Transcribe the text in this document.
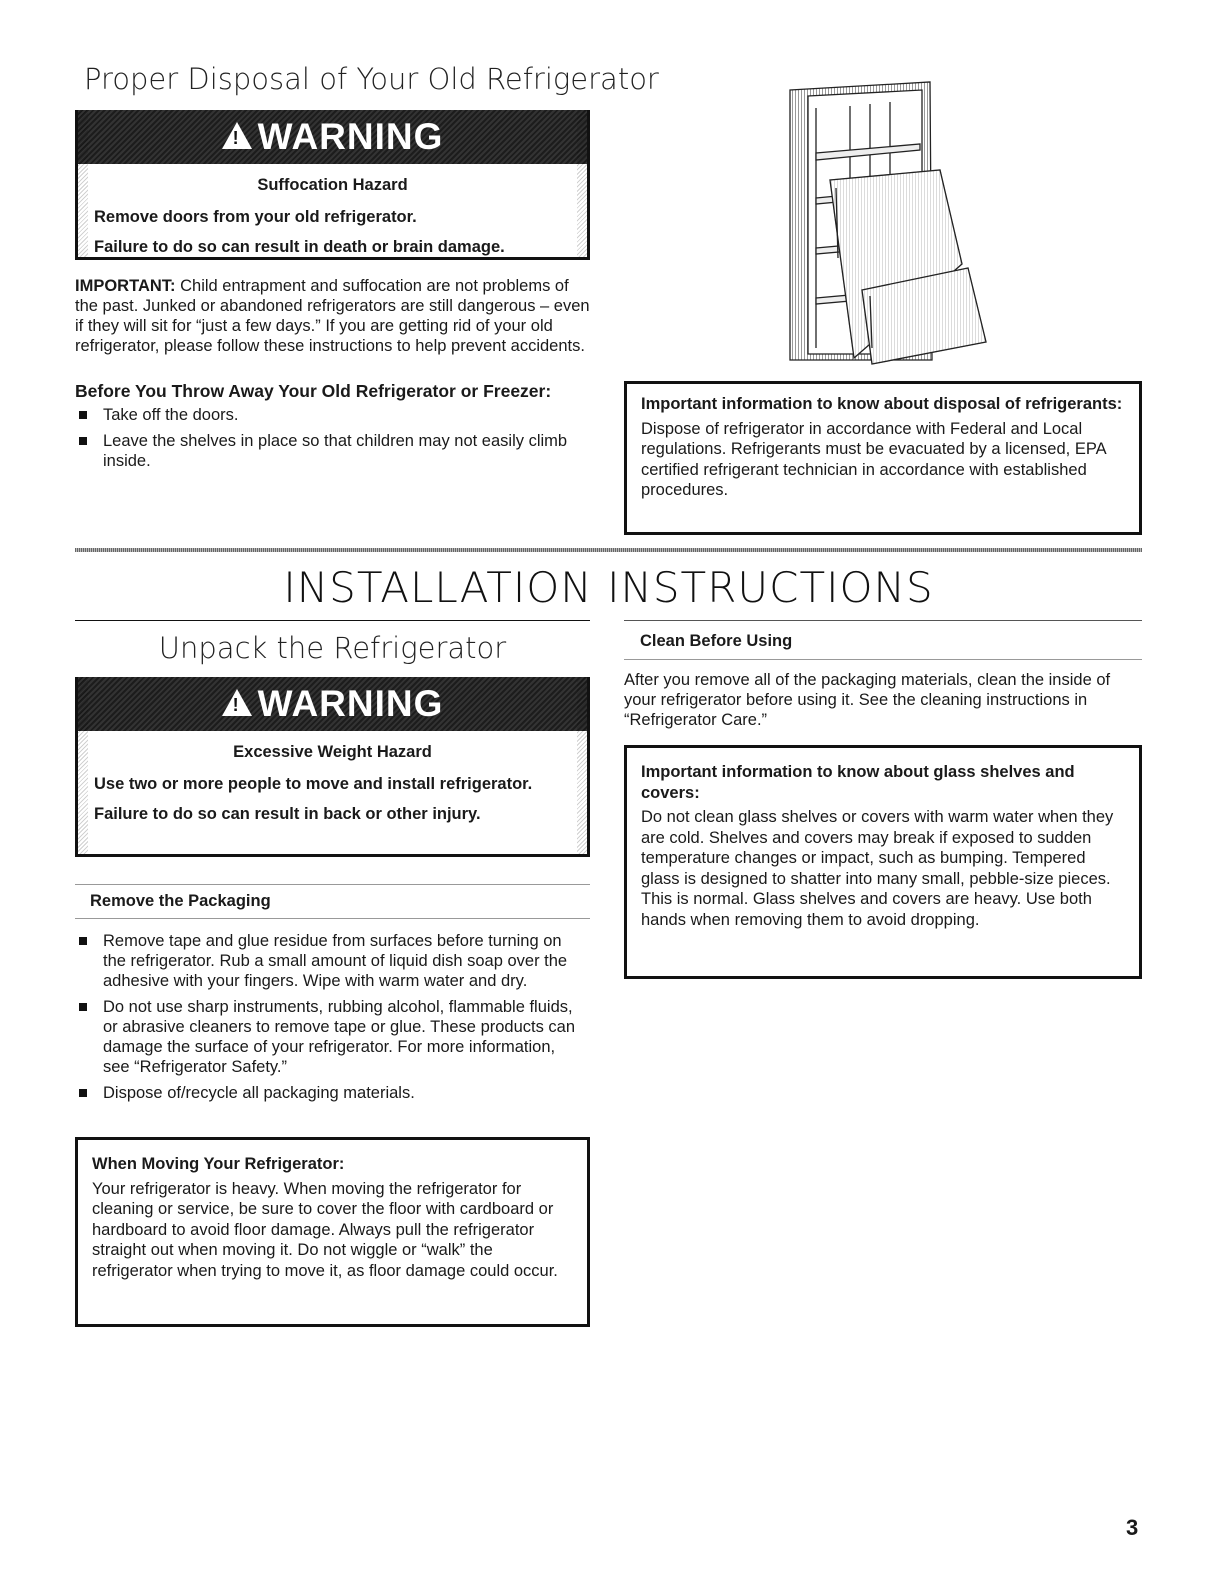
Proper Disposal of Your Old Refrigerator
!
WARNING
Suffocation Hazard

Remove doors from your old refrigerator.

Failure to do so can result in death or brain damage.

IMPORTANT: Child entrapment and suffocation are not problems of the past. Junked or abandoned refrigerators are still dangerous – even if they will sit for “just a few days.” If you are getting rid of your old refrigerator, please follow these instructions to help prevent accidents.
Before You Throw Away Your Old Refrigerator or Freezer:
Take off the doors.
Leave the shelves in place so that children may not easily climb inside.
Important information to know about disposal of refrigerants:
Dispose of refrigerator in accordance with Federal and Local regulations. Refrigerants must be evacuated by a licensed, EPA certified refrigerant technician in accordance with established procedures.
INSTALLATION INSTRUCTIONS
Unpack the Refrigerator
!
WARNING
Excessive Weight Hazard

Use two or more people to move and install refrigerator.

Failure to do so can result in back or other injury.

Remove the Packaging
Remove tape and glue residue from surfaces before turning on the refrigerator. Rub a small amount of liquid dish soap over the adhesive with your fingers. Wipe with warm water and dry.
Do not use sharp instruments, rubbing alcohol, flammable fluids, or abrasive cleaners to remove tape or glue. These products can damage the surface of your refrigerator. For more information, see “Refrigerator Safety.”
Dispose of/recycle all packaging materials.
When Moving Your Refrigerator:
Your refrigerator is heavy. When moving the refrigerator for cleaning or service, be sure to cover the floor with cardboard or hardboard to avoid floor damage. Always pull the refrigerator straight out when moving it. Do not wiggle or “walk” the refrigerator when trying to move it, as floor damage could occur.
Clean Before Using
After you remove all of the packaging materials, clean the inside of your refrigerator before using it. See the cleaning instructions in “Refrigerator Care.”
Important information to know about glass shelves and covers:
Do not clean glass shelves or covers with warm water when they are cold. Shelves and covers may break if exposed to sudden temperature changes or impact, such as bumping. Tempered glass is designed to shatter into many small, pebble-size pieces. This is normal. Glass shelves and covers are heavy. Use both hands when removing them to avoid dropping.
3
